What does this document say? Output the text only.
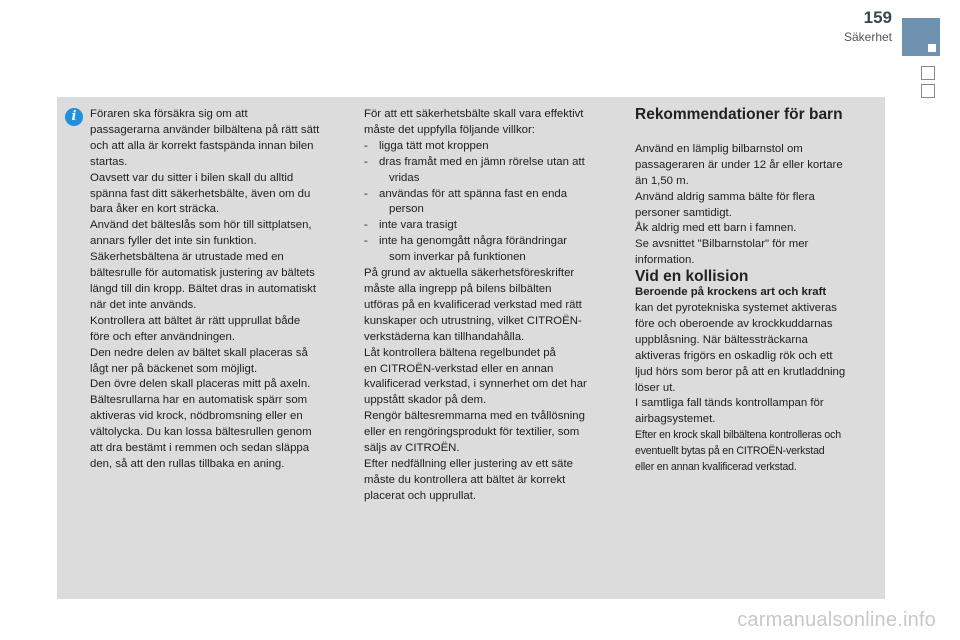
159
Säkerhet
i	Föraren ska försäkra sig om att

passagerarna använder bilbältena på rätt sätt

och att alla är korrekt fastspända innan bilen

startas.

Oavsett var du sitter i bilen skall du alltid

spänna fast ditt säkerhetsbälte, även om du

bara åker en kort sträcka.

Använd det bälteslås som hör till sittplatsen,

annars fyller det inte sin funktion.

Säkerhetsbältena är utrustade med en

bältesrulle för automatisk justering av bältets

längd till din kropp. Bältet dras in automatiskt

när det inte används.

Kontrollera att bältet är rätt upprullat både

före och efter användningen.

Den nedre delen av bältet skall placeras så

lågt ner på bäckenet som möjligt.

Den övre delen skall placeras mitt på axeln.

Bältesrullarna har en automatisk spärr som

aktiveras vid krock, nödbromsning eller en

vältolycka. Du kan lossa bältesrullen genom

att dra bestämt i remmen och sedan släppa

den, så att den rullas tillbaka en aning.

För att ett säkerhetsbälte skall vara effektivt

måste det uppfylla följande villkor:

- ligga tätt mot kroppen
- dras framåt med en jämn rörelse utan att
vridas
- användas för att spänna fast en enda
person
- inte vara trasigt
- inte ha genomgått några förändringar
som inverkar på funktionen

På grund av aktuella säkerhetsföreskrifter

måste alla ingrepp på bilens bilbälten

utföras på en kvalificerad verkstad med rätt

kunskaper och utrustning, vilket CITROËN-

verkstäderna kan tillhandahålla.

Låt kontrollera bältena regelbundet på

en CITROËN-verkstad eller en annan

kvalificerad verkstad, i synnerhet om det har

uppstått skador på dem.

Rengör bältesremmarna med en tvållösning

eller en rengöringsprodukt för textilier, som

säljs av CITROËN.

Efter nedfällning eller justering av ett säte

måste du kontrollera att bältet är korrekt

placerat och upprullat.

Rekommendationer för barn

Använd en lämplig bilbarnstol om

passageraren är under 12 år eller kortare

än 1,50 m.

Använd aldrig samma bälte för flera

personer samtidigt.

Åk aldrig med ett barn i famnen.

Se avsnittet "Bilbarnstolar" för mer

information.

Vid en kollision

Beroende på krockens art och kraft

kan det pyrotekniska systemet aktiveras

före och oberoende av krockkuddarnas

uppblåsning. När bältessträckarna

aktiveras frigörs en oskadlig rök och ett

ljud hörs som beror på att en krutladdning

löser ut.

I samtliga fall tänds kontrollampan för

airbagsystemet.

Efter en krock skall bilbältena kontrolleras och

eventuellt bytas på en CITROËN-verkstad

eller en annan kvalificerad verkstad.

carmanualsonline.info
